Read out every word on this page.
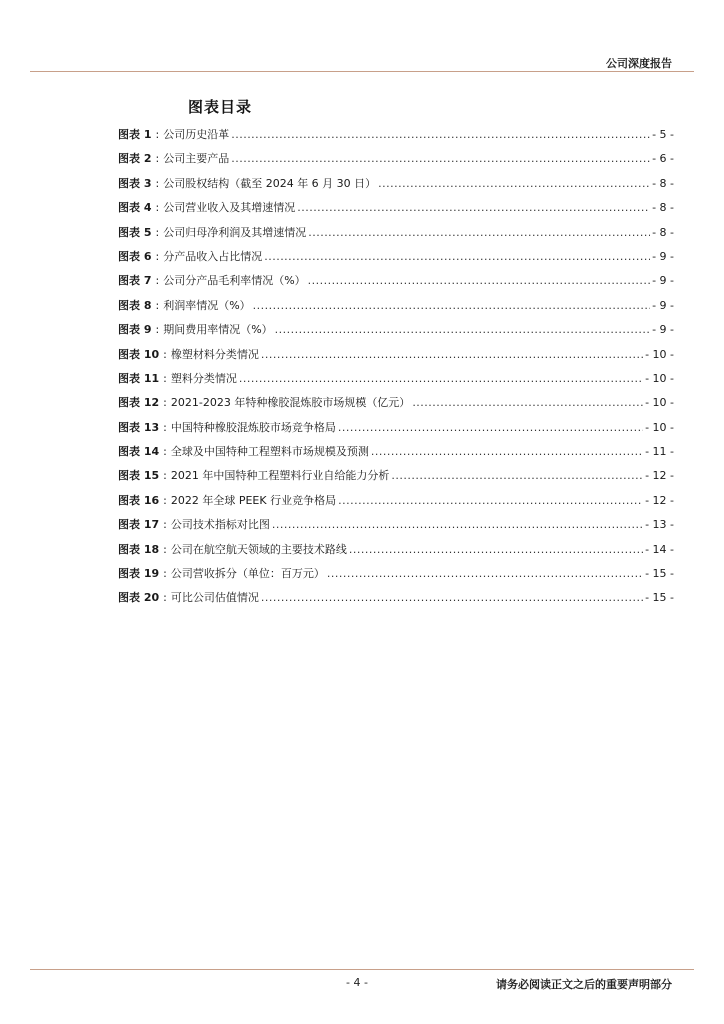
公司深度报告
图表目录
图表 1 : 公司历史沿革 .....	- 5 -
图表 2 : 公司主要产品 .....	- 6 -
图表 3 : 公司股权结构（截至 2024 年 6 月 30 日） .....	- 8 -
图表 4 : 公司营业收入及其增速情况 .....	- 8 -
图表 5 : 公司归母净利润及其增速情况 .....	- 8 -
图表 6 : 分产品收入占比情况 .....	- 9 -
图表 7 : 公司分产品毛利率情况（%） .....	- 9 -
图表 8 : 利润率情况（%） .....	- 9 -
图表 9 : 期间费用率情况（%） .....	- 9 -
图表 10 : 橡塑材料分类情况 .....	- 10 -
图表 11 : 塑料分类情况 .....	- 10 -
图表 12 : 2021-2023 年特种橡胶混炼胶市场规模（亿元） .....	- 10 -
图表 13 : 中国特种橡胶混炼胶市场竞争格局 .....	- 10 -
图表 14 : 全球及中国特种工程塑料市场规模及预测 .....	- 11 -
图表 15 : 2021 年中国特种工程塑料行业自给能力分析 .....	- 12 -
图表 16 : 2022 年全球 PEEK 行业竞争格局 .....	- 12 -
图表 17 : 公司技术指标对比图 .....	- 13 -
图表 18 : 公司在航空航天领域的主要技术路线 .....	- 14 -
图表 19 : 公司营收拆分（单位：百万元） .....	- 15 -
图表 20 : 可比公司估值情况 .....	- 15 -
- 4 -	请务必阅读正文之后的重要声明部分
